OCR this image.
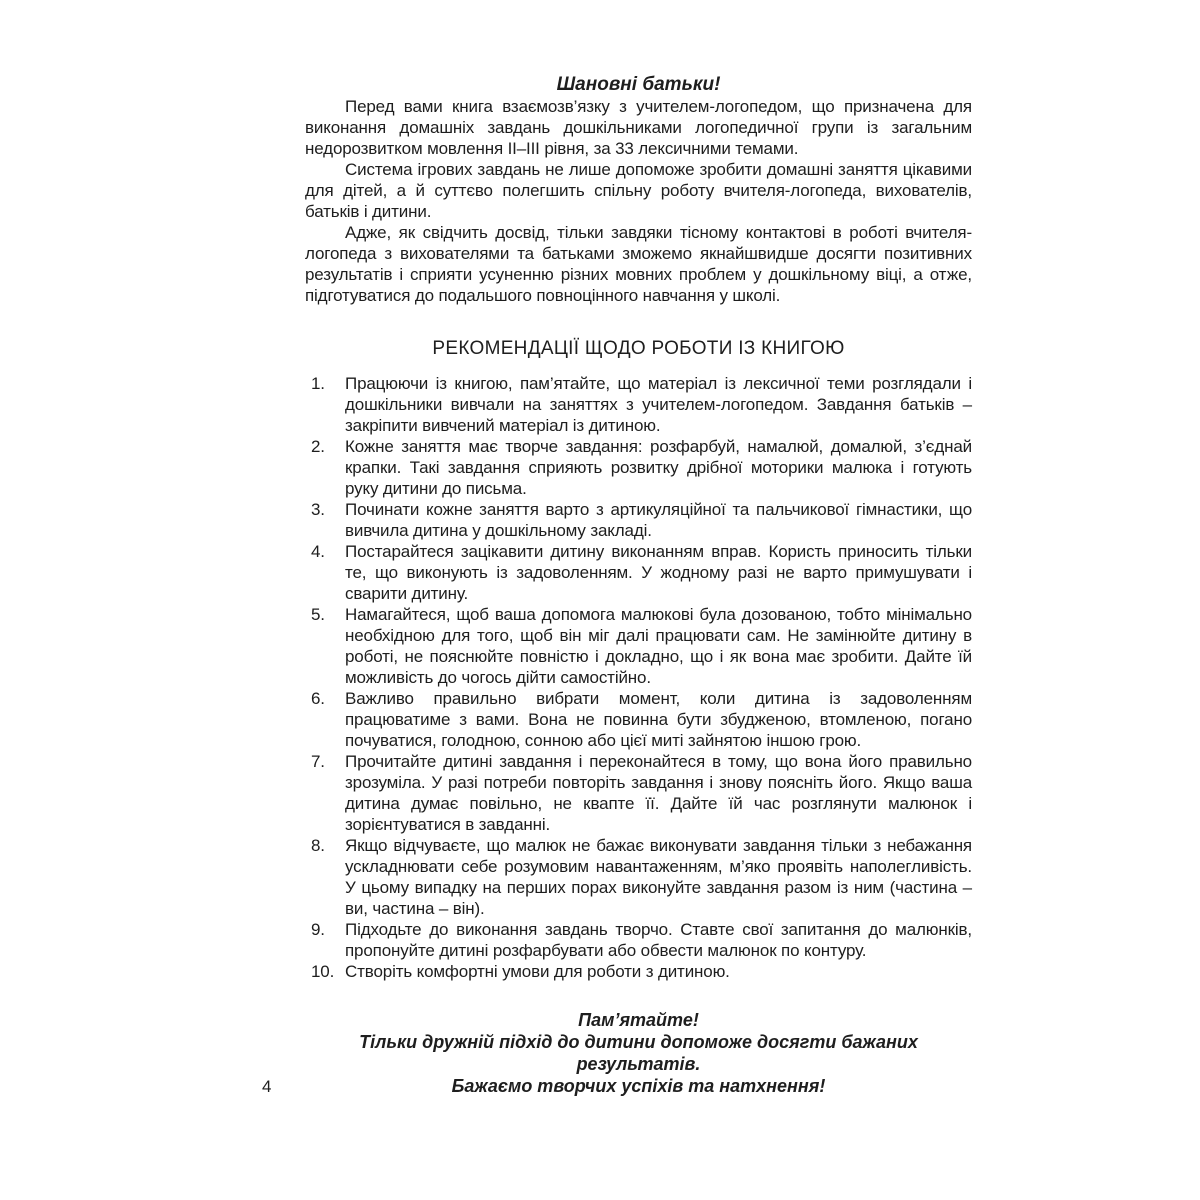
Шановні батьки!

Перед вами книга взаємозв’язку з учителем-логопедом, що призначена для виконання домашніх завдань дошкільниками логопедичної групи із загальним недорозвитком мовлення ІІ–ІІІ рівня, за 33 лексичними темами.

Система ігрових завдань не лише допоможе зробити домашні заняття цікавими для дітей, а й суттєво полегшить спільну роботу вчителя-логопеда, вихователів, батьків і дитини.

Адже, як свідчить досвід, тільки завдяки тісному контактові в роботі вчителя-логопеда з вихователями та батьками зможемо якнайшвидше досягти позитивних результатів і сприяти усуненню різних мовних проблем у дошкільному віці, а отже, підготуватися до подальшого повноцінного навчання у школі.

РЕКОМЕНДАЦІЇ ЩОДО РОБОТИ ІЗ КНИГОЮ
1.	Працюючи із книгою, пам’ятайте, що матеріал із лексичної теми розглядали і дошкільники вивчали на заняттях з учителем-логопедом. Завдання батьків – закріпити вивчений матеріал із дитиною.
2.	Кожне заняття має творче завдання: розфарбуй, намалюй, домалюй, з’єднай крапки. Такі завдання сприяють розвитку дрібної моторики малюка і готують руку дитини до письма.
3.	Починати кожне заняття варто з артикуляційної та пальчикової гімнастики, що вивчила дитина у дошкільному закладі.
4.	Постарайтеся зацікавити дитину виконанням вправ. Користь приносить тільки те, що виконують із задоволенням. У жодному разі не варто примушувати і сварити дитину.
5.	Намагайтеся, щоб ваша допомога малюкові була дозованою, тобто мінімально необхідною для того, щоб він міг далі працювати сам. Не замінюйте дитину в роботі, не пояснюйте повністю і докладно, що і як вона має зробити. Дайте їй можливість до чогось дійти самостійно.
6.	Важливо правильно вибрати момент, коли дитина із задоволенням працюватиме з вами. Вона не повинна бути збудженою, втомленою, погано почуватися, голодною, сонною або цієї миті зайнятою іншою грою.
7.	Прочитайте дитині завдання і переконайтеся в тому, що вона його правильно зрозуміла. У разі потреби повторіть завдання і знову поясніть його. Якщо ваша дитина думає повільно, не квапте її. Дайте їй час розглянути малюнок і зорієнтуватися в завданні.
8.	Якщо відчуваєте, що малюк не бажає виконувати завдання тільки з небажання ускладнювати себе розумовим навантаженням, м’яко проявіть наполегливість. У цьому випадку на перших порах виконуйте завдання разом із ним (частина – ви, частина – він).
9.	Підходьте до виконання завдань творчо. Ставте свої запитання до малюнків, пропонуйте дитині розфарбувати або обвести малюнок по контуру.
10. Створіть комфортні умови для роботи з дитиною.
Пам’ятайте!
Тільки дружній підхід до дитини допоможе досягти бажаних результатів.
Бажаємо творчих успіхів та натхнення!
4
